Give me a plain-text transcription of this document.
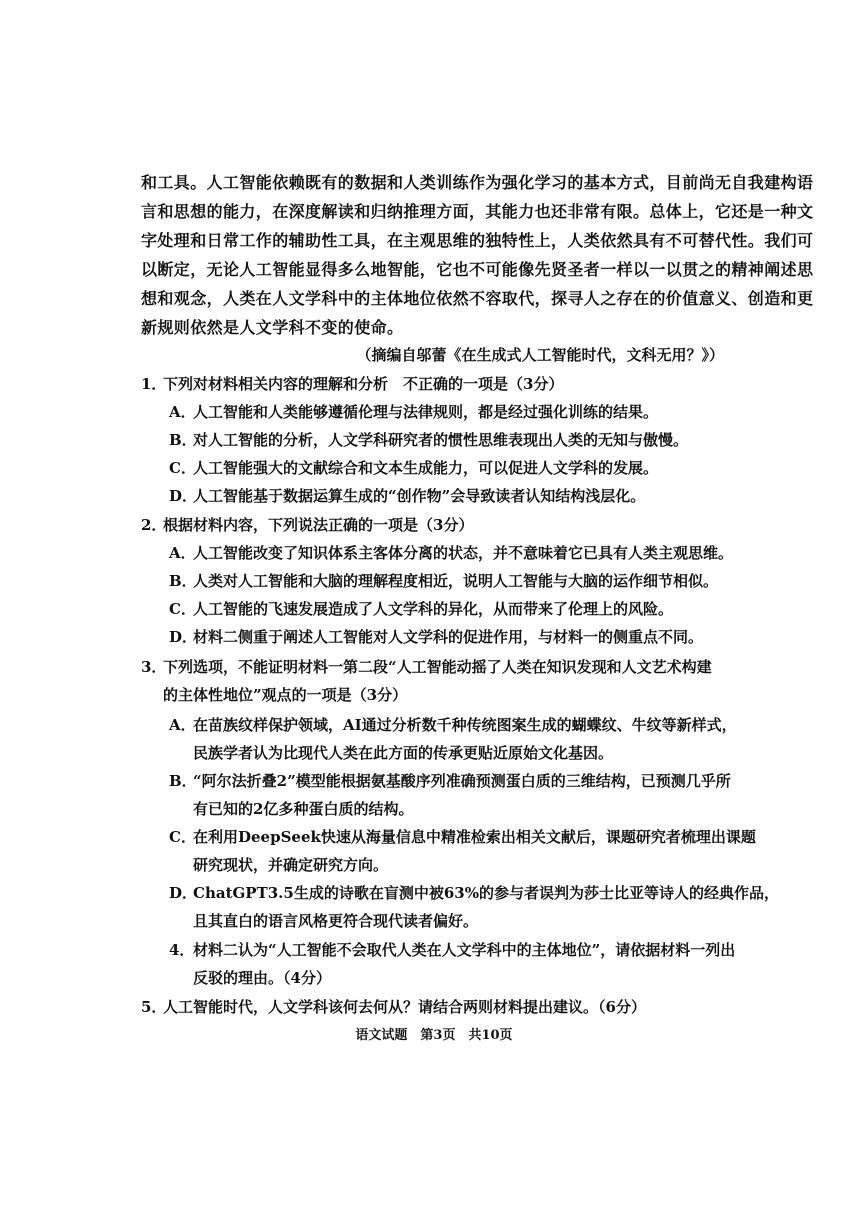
和工具。人工智能依赖既有的数据和人类训练作为强化学习的基本方式，目前尚无自我建构语
言和思想的能力，在深度解读和归纳推理方面，其能力也还非常有限。总体上，它还是一种文
字处理和日常工作的辅助性工具，在主观思维的独特性上，人类依然具有不可替代性。我们可
以断定，无论人工智能显得多么地智能，它也不可能像先贤圣者一样以一以贯之的精神阐述思
想和观念，人类在人文学科中的主体地位依然不容取代，探寻人之存在的价值意义、创造和更
新规则依然是人文学科不变的使命。
（摘编自邬蕾《在生成式人工智能时代，文科无用？》）
1．下列对材料相关内容的理解和分析　不正确的一项是（3分）
A．人工智能和人类能够遵循伦理与法律规则，都是经过强化训练的结果。
B．对人工智能的分析，人文学科研究者的惯性思维表现出人类的无知与傲慢。
C．人工智能强大的文献综合和文本生成能力，可以促进人文学科的发展。
D．人工智能基于数据运算生成的“创作物”会导致读者认知结构浅层化。
2．根据材料内容，下列说法正确的一项是（3分）
A．人工智能改变了知识体系主客体分离的状态，并不意味着它已具有人类主观思维。
B．人类对人工智能和大脑的理解程度相近，说明人工智能与大脑的运作细节相似。
C．人工智能的飞速发展造成了人文学科的异化，从而带来了伦理上的风险。
D．材料二侧重于阐述人工智能对人文学科的促进作用，与材料一的侧重点不同。
3．下列选项，不能证明材料一第二段“人工智能动摇了人类在知识发现和人文艺术构建
的主体性地位”观点的一项是（3分）
A．在苗族纹样保护领域，AI通过分析数千种传统图案生成的蝴蝶纹、牛纹等新样式，
民族学者认为比现代人类在此方面的传承更贴近原始文化基因。
B．“阿尔法折叠2”模型能根据氨基酸序列准确预测蛋白质的三维结构，已预测几乎所
有已知的2亿多种蛋白质的结构。
C．在利用DeepSeek快速从海量信息中精准检索出相关文献后，课题研究者梳理出课题
研究现状，并确定研究方向。
D．ChatGPT3.5生成的诗歌在盲测中被63%的参与者误判为莎士比亚等诗人的经典作品，
且其直白的语言风格更符合现代读者偏好。
4．材料二认为“人工智能不会取代人类在人文学科中的主体地位”，请依据材料一列出
反驳的理由。（4分）
5．人工智能时代，人文学科该何去何从？请结合两则材料提出建议。（6分）
语文试题　第3页　共10页
